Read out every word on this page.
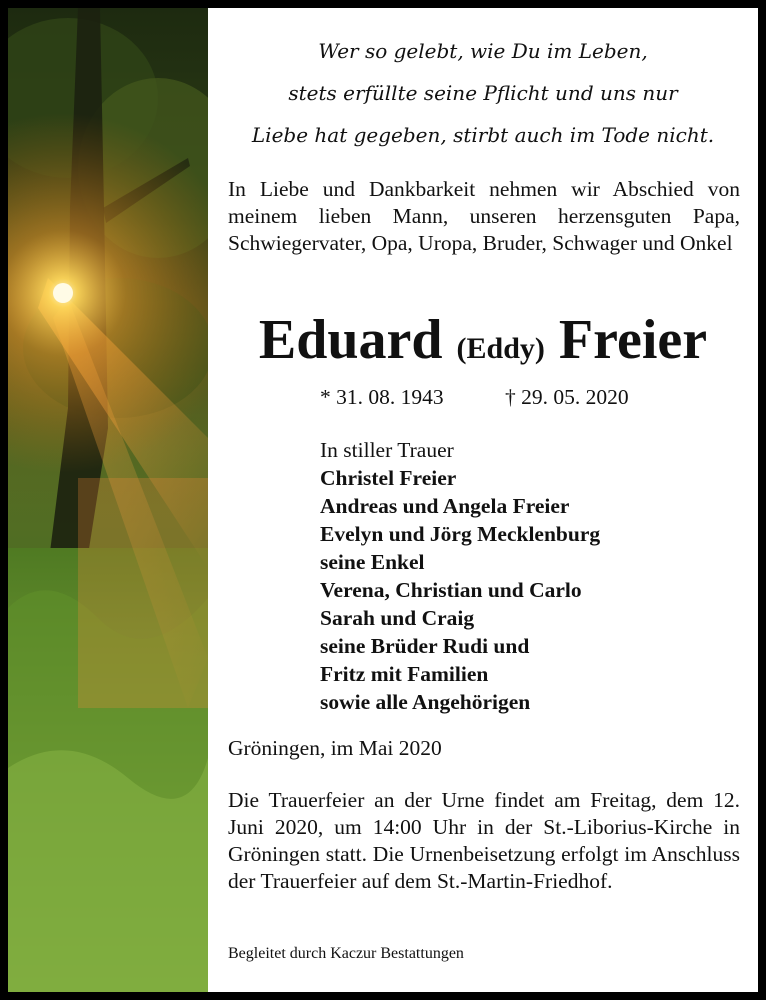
Wer so gelebt, wie Du im Leben,
stets erfüllte seine Pflicht und uns nur
Liebe hat gegeben, stirbt auch im Tode nicht.
In Liebe und Dankbarkeit nehmen wir Abschied von meinem lieben Mann, unseren herzensguten Papa, Schwiegervater, Opa, Uropa, Bruder, Schwager und Onkel
Eduard (Eddy) Freier
* 31. 08. 1943	† 29. 05. 2020
In stiller Trauer
Christel Freier
Andreas und Angela Freier
Evelyn und Jörg Mecklenburg
seine Enkel
Verena, Christian und Carlo
Sarah und Craig
seine Brüder Rudi und
Fritz mit Familien
sowie alle Angehörigen
Gröningen, im Mai 2020
Die Trauerfeier an der Urne findet am Freitag, dem 12. Juni 2020, um 14:00 Uhr in der St.-Liborius-Kirche in Gröningen statt. Die Urnenbeisetzung erfolgt im Anschluss der Trauerfeier auf dem St.-Martin-Friedhof.
Begleitet durch Kaczur Bestattungen
